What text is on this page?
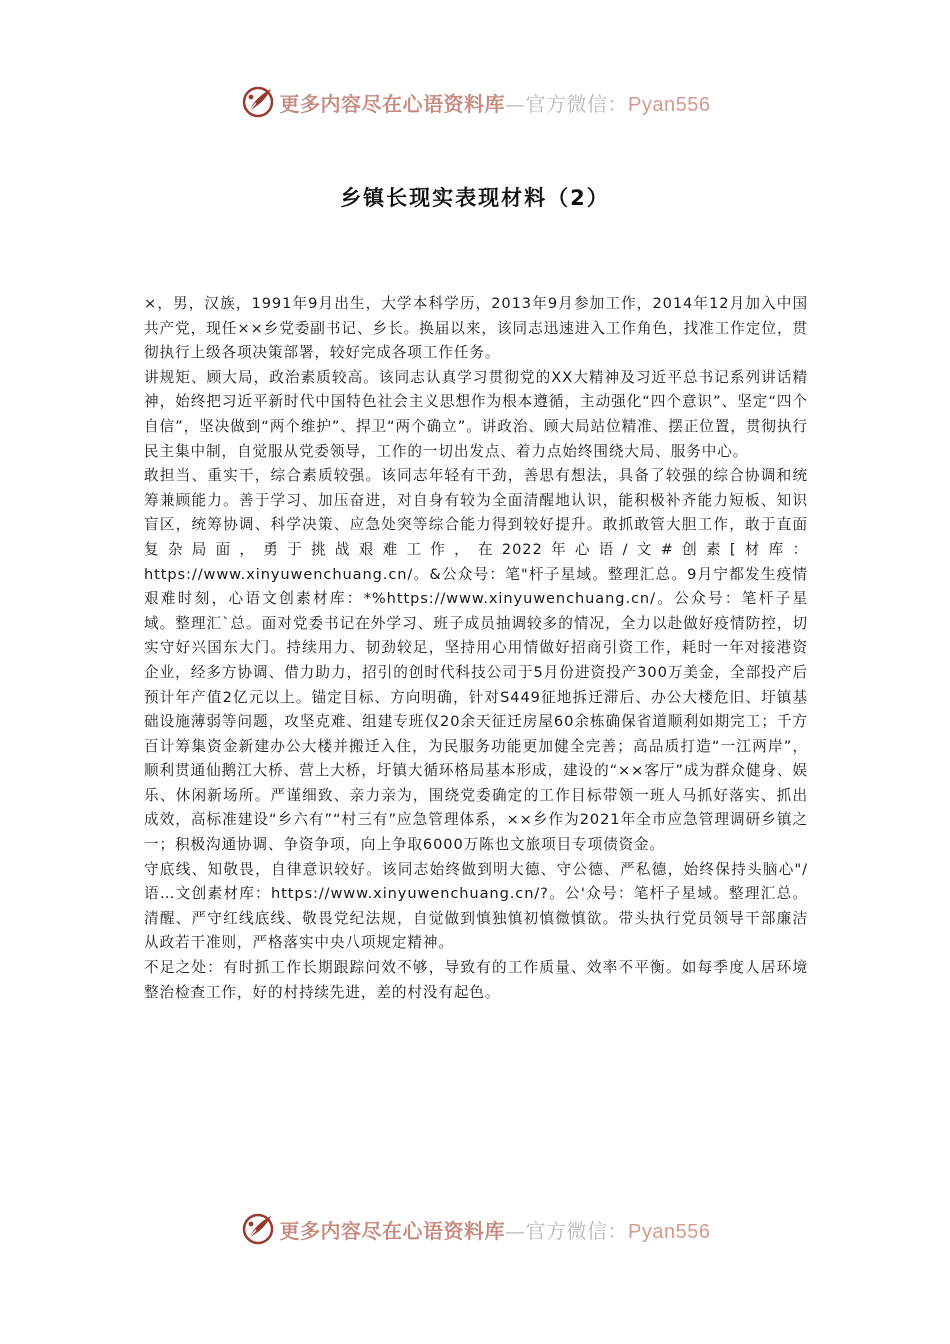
更多内容尽在心语资料库—官方微信：Pyan556
乡镇长现实表现材料（2）

×，男，汉族，1991年9月出生，大学本科学历，2013年9月参加工作，2014年12月加入中国共产党，现任××乡党委副书记、乡长。换届以来，该同志迅速进入工作角色，找准工作定位，贯彻执行上级各项决策部署，较好完成各项工作任务。

讲规矩、顾大局，政治素质较高。该同志认真学习贯彻党的XX大精神及习近平总书记系列讲话精神，始终把习近平新时代中国特色社会主义思想作为根本遵循，主动强化“四个意识”、坚定“四个自信”，坚决做到“两个维护”、捍卫“两个确立”。讲政治、顾大局站位精准、摆正位置，贯彻执行民主集中制，自觉服从党委领导，工作的一切出发点、着力点始终围绕大局、服务中心。

敢担当、重实干，综合素质较强。该同志年轻有干劲，善思有想法，具备了较强的综合协调和统筹兼顾能力。善于学习、加压奋进，对自身有较为全面清醒地认识，能积极补齐能力短板、知识盲区，统筹协调、科学决策、应急处突等综合能力得到较好提升。敢抓敢管大胆工作，敢于直面复杂局面，勇于挑战艰难工作，在2022年心语/文#创素[材库：https://www.xinyuwenchuang.cn/。&公众号：笔"杆子星域。整理汇总。9月宁都发生疫情艰难时刻，心语文创素材库：*%https://www.xinyuwenchuang.cn/。公众号：笔杆子星域。整理汇`总。面对党委书记在外学习、班子成员抽调较多的情况，全力以赴做好疫情防控，切实守好兴国东大门。持续用力、韧劲较足，坚持用心用情做好招商引资工作，耗时一年对接港资企业，经多方协调、借力助力，招引的创时代科技公司于5月份进资投产300万美金，全部投产后预计年产值2亿元以上。锚定目标、方向明确，针对S449征地拆迁滞后、办公大楼危旧、圩镇基础设施薄弱等问题，攻坚克难、组建专班仅20余天征迁房屋60余栋确保省道顺利如期完工；千方百计筹集资金新建办公大楼并搬迁入住，为民服务功能更加健全完善；高品质打造“一江两岸”，顺利贯通仙鹅江大桥、营上大桥，圩镇大循环格局基本形成，建设的“××客厅”成为群众健身、娱乐、休闲新场所。严谨细致、亲力亲为，围绕党委确定的工作目标带领一班人马抓好落实、抓出成效，高标准建设“乡六有”“村三有”应急管理体系，××乡作为2021年全市应急管理调研乡镇之一；积极沟通协调、争资争项，向上争取6000万陈也文旅项目专项债资金。

守底线、知敬畏，自律意识较好。该同志始终做到明大德、守公德、严私德，始终保持头脑心"/语…文创素材库：https://www.xinyuwenchuang.cn/?。公'众号：笔杆子星域。整理汇总。清醒、严守红线底线、敬畏党纪法规，自觉做到慎独慎初慎微慎欲。带头执行党员领导干部廉洁从政若干准则，严格落实中央八项规定精神。

不足之处：有时抓工作长期跟踪问效不够，导致有的工作质量、效率不平衡。如每季度人居环境整治检查工作，好的村持续先进，差的村没有起色。

更多内容尽在心语资料库—官方微信：Pyan556
